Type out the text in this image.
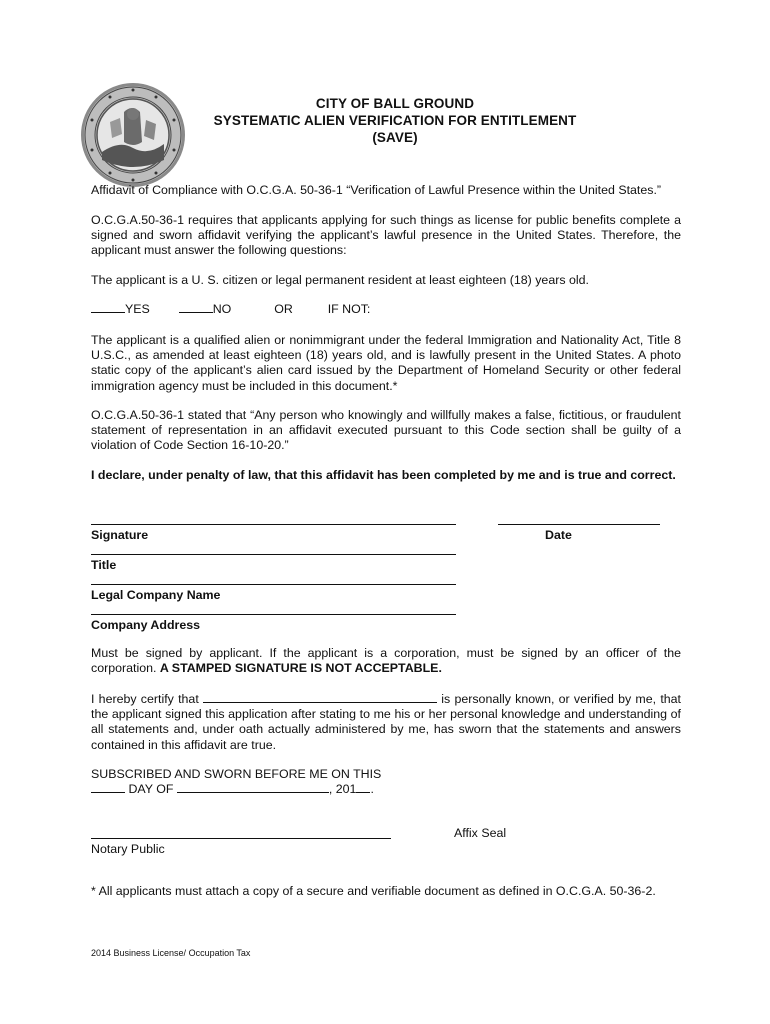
CITY OF BALL GROUND
SYSTEMATIC ALIEN VERIFICATION FOR ENTITLEMENT
(SAVE)
Affidavit of Compliance with O.C.G.A. 50-36-1 “Verification of Lawful Presence within the United States.”
O.C.G.A.50-36-1 requires that applicants applying for such things as license for public benefits complete a signed and sworn affidavit verifying the applicant’s lawful presence in the United States. Therefore, the applicant must answer the following questions:
The applicant is a U. S. citizen or legal permanent resident at least eighteen (18) years old.
YES	NO	OR	IF NOT:
The applicant is a qualified alien or nonimmigrant under the federal Immigration and Nationality Act, Title 8 U.S.C., as amended at least eighteen (18) years old, and is lawfully present in the United States. A photo static copy of the applicant’s alien card issued by the Department of Homeland Security or other federal immigration agency must be included in this document.*
O.C.G.A.50-36-1 stated that “Any person who knowingly and willfully makes a false, fictitious, or fraudulent statement of representation in an affidavit executed pursuant to this Code section shall be guilty of a violation of Code Section 16-10-20.”
I declare, under penalty of law, that this affidavit has been completed by me and is true and correct.
Signature	Date
Title
Legal Company Name
Company Address
Must be signed by applicant. If the applicant is a corporation, must be signed by an officer of the corporation. A STAMPED SIGNATURE IS NOT ACCEPTABLE.
I hereby certify that	is personally known, or verified by me, that the applicant signed this application after stating to me his or her personal knowledge and understanding of all statements and, under oath actually administered by me, has sworn that the statements and answers contained in this affidavit are true.
SUBSCRIBED AND SWORN BEFORE ME ON THIS
DAY OF	, 201 .
Notary Public
Affix Seal
* All applicants must attach a copy of a secure and verifiable document as defined in O.C.G.A. 50-36-2.
2014 Business License/ Occupation Tax
